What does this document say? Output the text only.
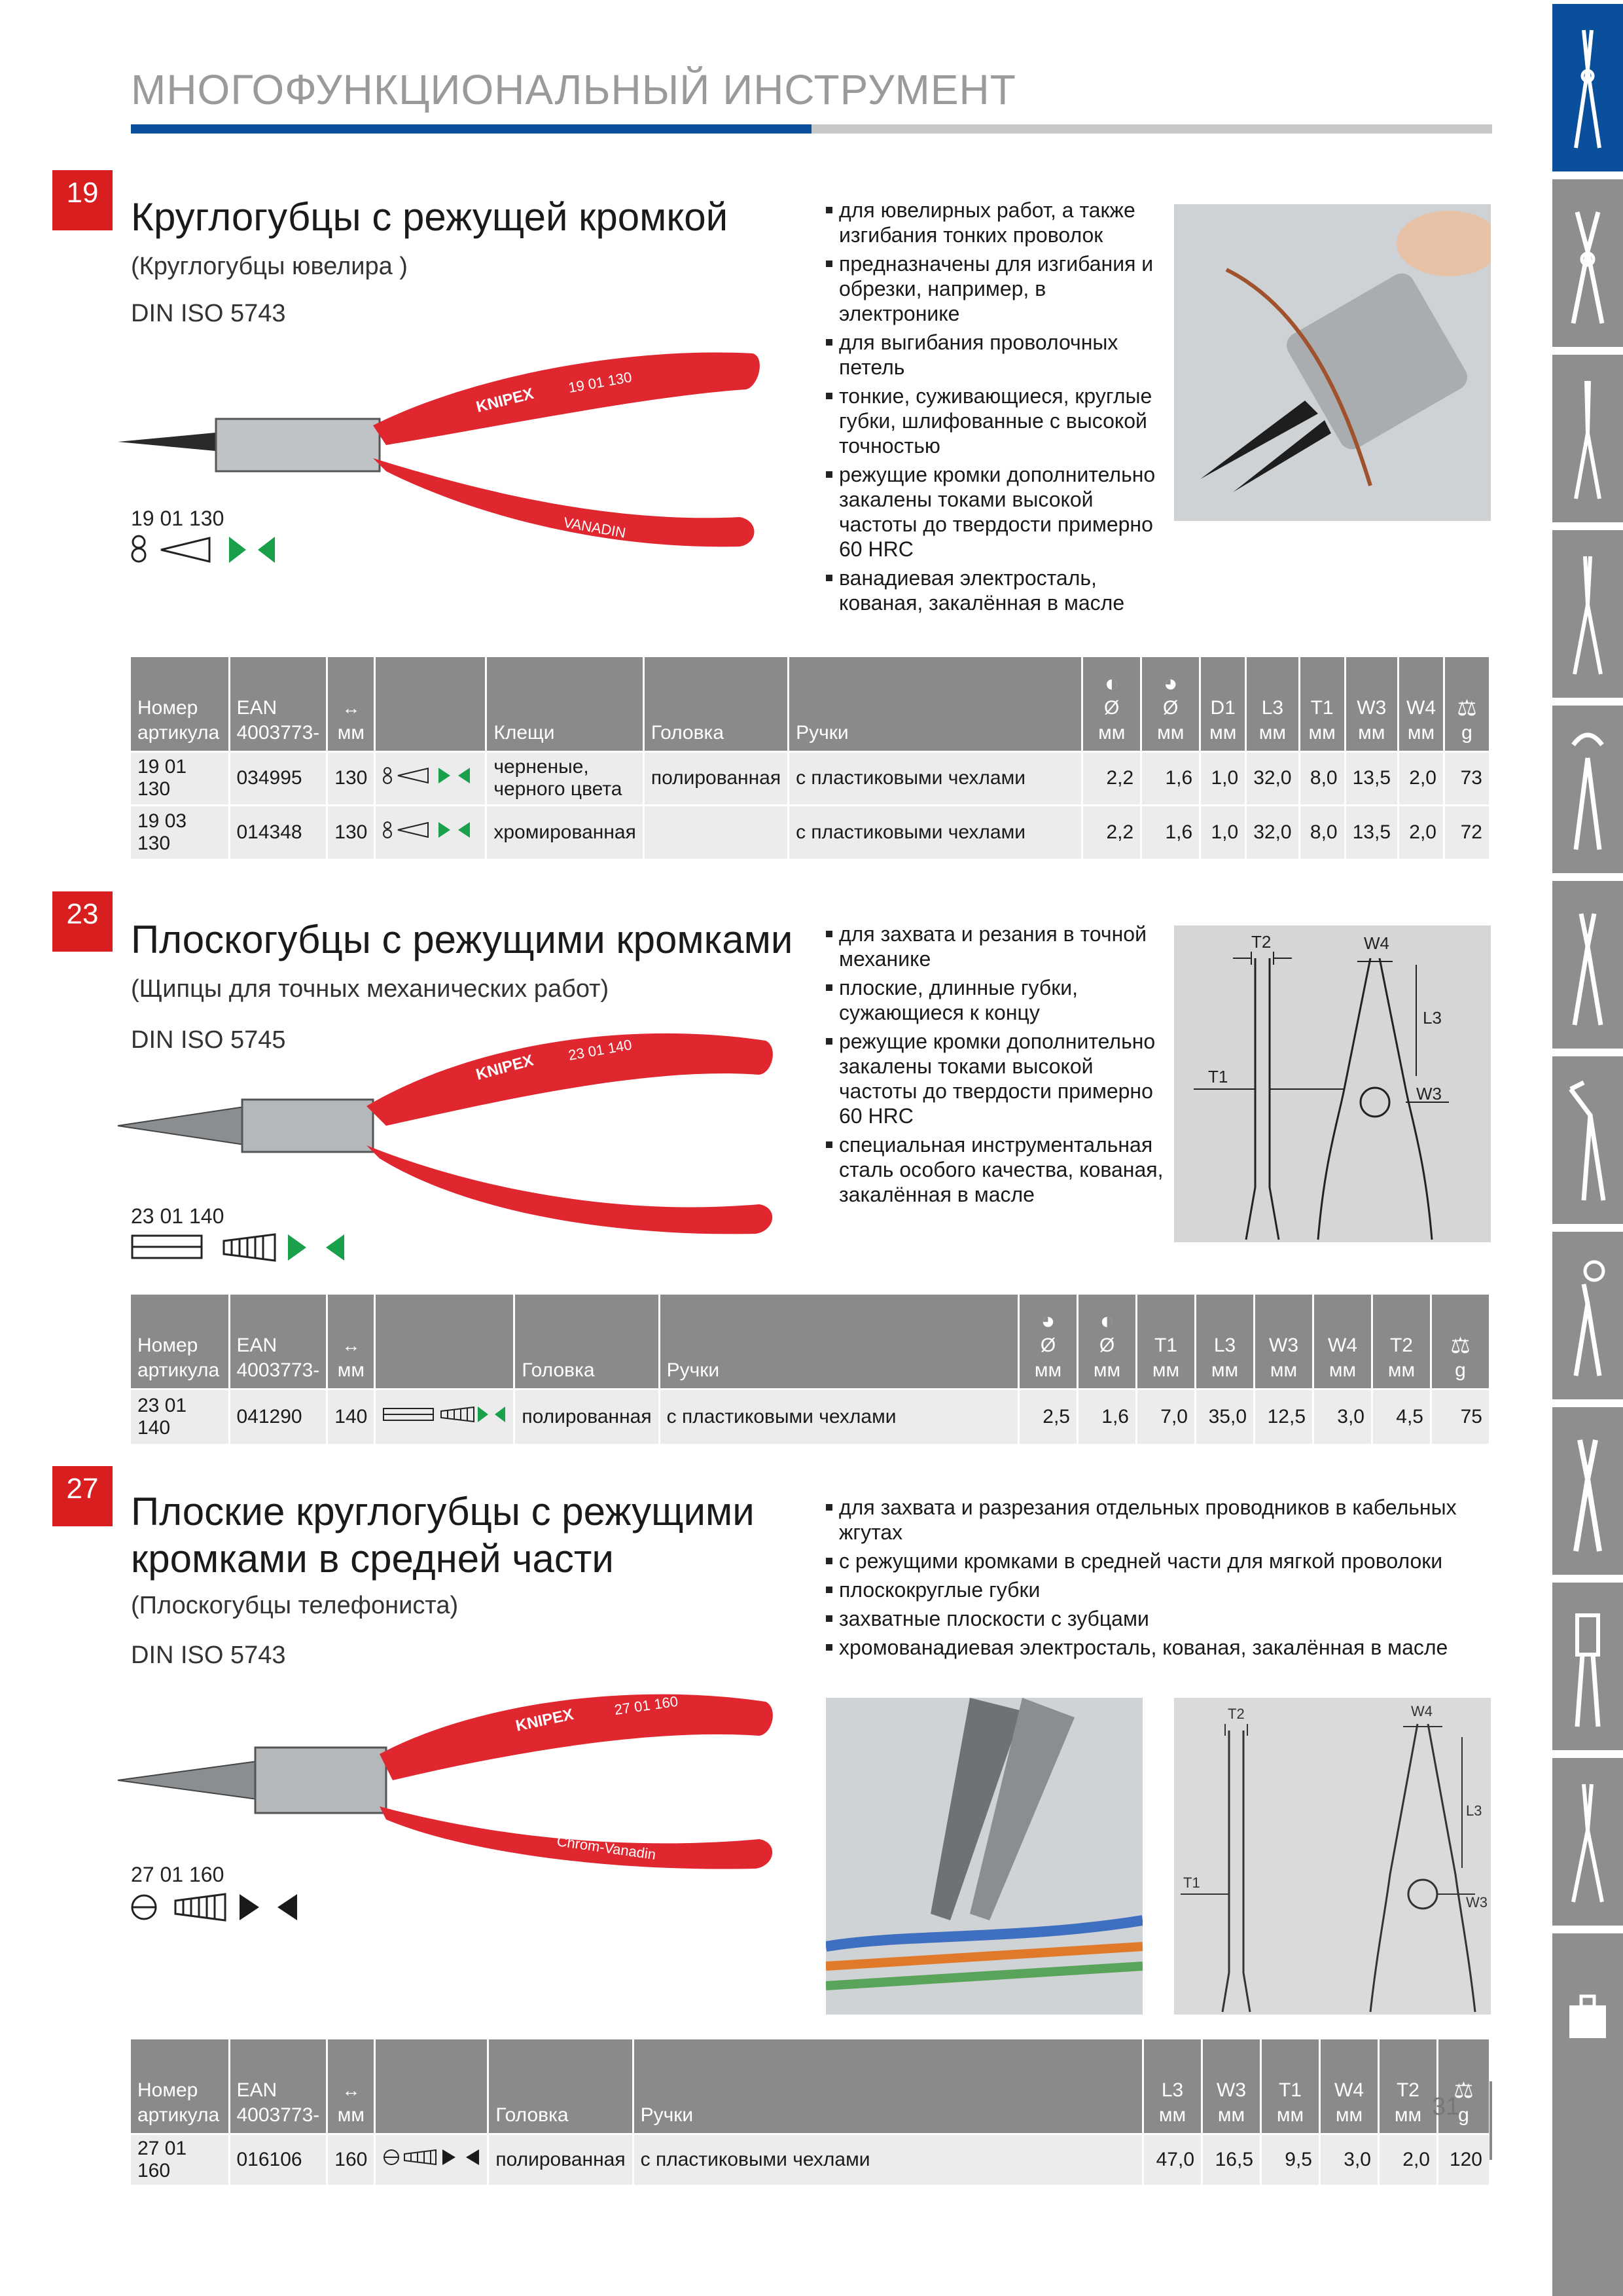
МНОГОФУНКЦИОНАЛЬНЫЙ ИНСТРУМЕНТ
19
Круглогубцы с режущей кромкой
(Круглогубцы ювелира )
DIN ISO 5743
KNIPEX
19 01 130
VANADIN
19 01 130
для ювелирных работ, а также изгибания тонких проволок
предназначены для изгибания и обрезки, например, в электронике
для выгибания проволочных петель
тонкие, суживающиеся, круглые губки, шлифованные с высокой точностью
режущие кромки дополнительно закалены токами высокой частоты до твердости примерно 60 HRC
ванадиевая электросталь, кованая, закалённая в масле
Номер артикула	EAN 4003773-	↔
мм		Клещи	Головка	Ручки	◐
Ø мм	◕
Ø мм	D1 мм	L3 мм	T1 мм	W3 мм	W4 мм	⚖
g
19 01 130	034995	130		черненые, черного цвета	полированная	с пластиковыми чехлами	2,2	1,6	1,0	32,0	8,0	13,5	2,0	73
19 03 130	014348	130		хромированная		с пластиковыми чехлами	2,2	1,6	1,0	32,0	8,0	13,5	2,0	72
23
Плоскогубцы с режущими кромками
(Щипцы для точных механических работ)
DIN ISO 5745
KNIPEX
23 01 140
23 01 140
для захвата и резания в точной механике
плоские, длинные губки, сужающиеся к концу
режущие кромки дополнительно закалены токами высокой частоты до твердости примерно 60 HRC
специальная инструментальная сталь особого качества, кованая, закалённая в масле
T2	W4
L3
T1
W3
Номер артикула	EAN 4003773-	↔
мм		Головка	Ручки	◕
Ø мм	◐
Ø мм	T1 мм	L3 мм	W3 мм	W4 мм	T2 мм	⚖
g
23 01 140	041290	140		полированная	с пластиковыми чехлами	2,5	1,6	7,0	35,0	12,5	3,0	4,5	75
27
Плоские круглогубцы с режущими
кромками в средней части
(Плоскогубцы телефониста)
DIN ISO 5743
KNIPEX
27 01 160
Chrom-Vanadin
27 01 160
для захвата и разрезания отдельных проводников в кабельных жгутах
с режущими кромками в средней части для мягкой проволоки
плоскокруглые губки
захватные плоскости с зубцами
хромованадиевая электросталь, кованая, закалённая в масле
T2	W4
L3
T1
W3
Номер артикула	EAN 4003773-	↔
мм		Головка	Ручки	L3 мм	W3 мм	T1 мм	W4 мм	T2 мм	⚖
g
27 01 160	016106	160		полированная	с пластиковыми чехлами	47,0	16,5	9,5	3,0	2,0	120
31
